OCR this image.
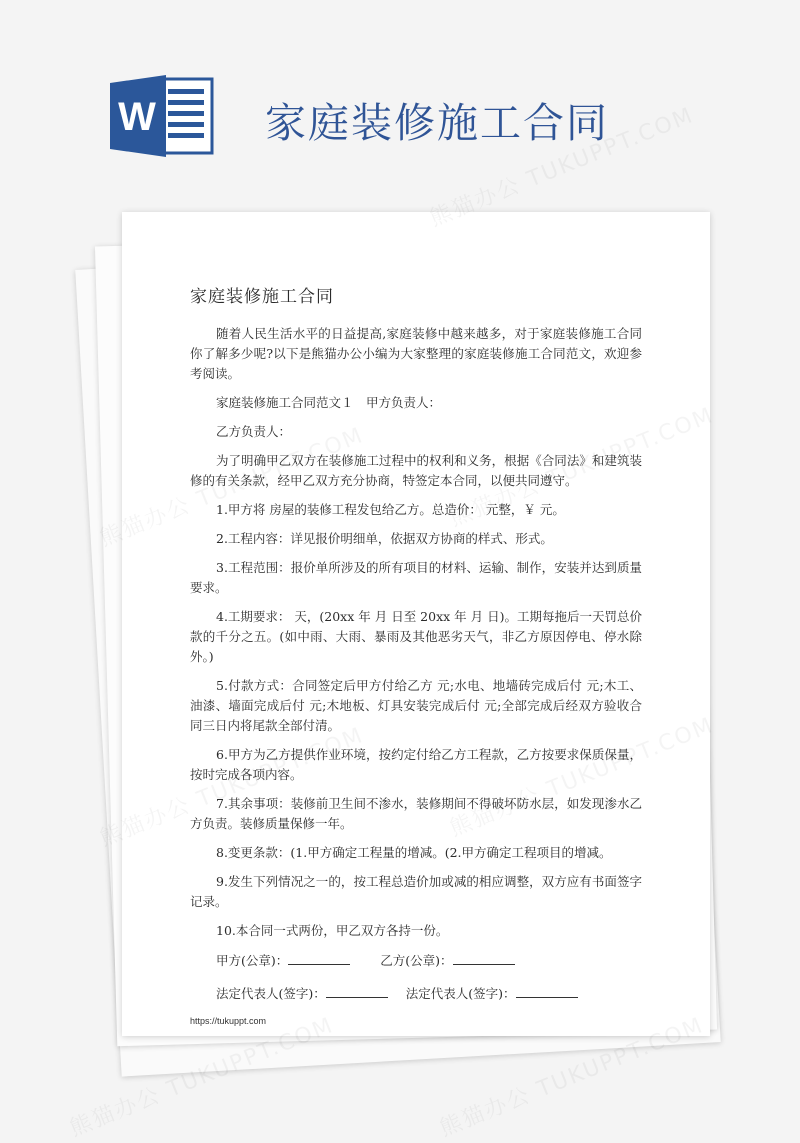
W	家庭装修施工合同
家庭装修施工合同

随着人民生活水平的日益提高,家庭装修中越来越多，对于家庭装修施工合同你了解多少呢?以下是熊猫办公小编为大家整理的家庭装修施工合同范文，欢迎参考阅读。

家庭装修施工合同范文１　甲方负责人：

乙方负责人：

为了明确甲乙双方在装修施工过程中的权利和义务，根据《合同法》和建筑装修的有关条款，经甲乙双方充分协商，特签定本合同，以便共同遵守。

1.甲方将 房屋的装修工程发包给乙方。总造价： 元整，￥ 元。

2.工程内容：详见报价明细单，依据双方协商的样式、形式。

3.工程范围：报价单所涉及的所有项目的材料、运输、制作，安装并达到质量要求。

4.工期要求： 天，(20xx 年 月 日至 20xx 年 月 日)。工期每拖后一天罚总价款的千分之五。(如中雨、大雨、暴雨及其他恶劣天气，非乙方原因停电、停水除外。)

5.付款方式：合同签定后甲方付给乙方 元;水电、地墙砖完成后付 元;木工、油漆、墙面完成后付 元;木地板、灯具安装完成后付 元;全部完成后经双方验收合同三日内将尾款全部付清。

6.甲方为乙方提供作业环境，按约定付给乙方工程款，乙方按要求保质保量，按时完成各项内容。

7.其余事项：装修前卫生间不渗水，装修期间不得破坏防水层，如发现渗水乙方负责。装修质量保修一年。

8.变更条款：(1.甲方确定工程量的增减。(2.甲方确定工程项目的增减。

9.发生下列情况之一的，按工程总造价加或减的相应调整，双方应有书面签字记录。

10.本合同一式两份，甲乙双方各持一份。

甲方(公章)：	乙方(公章)：
法定代表人(签字)：	法定代表人(签字)：
https://tukuppt.com
